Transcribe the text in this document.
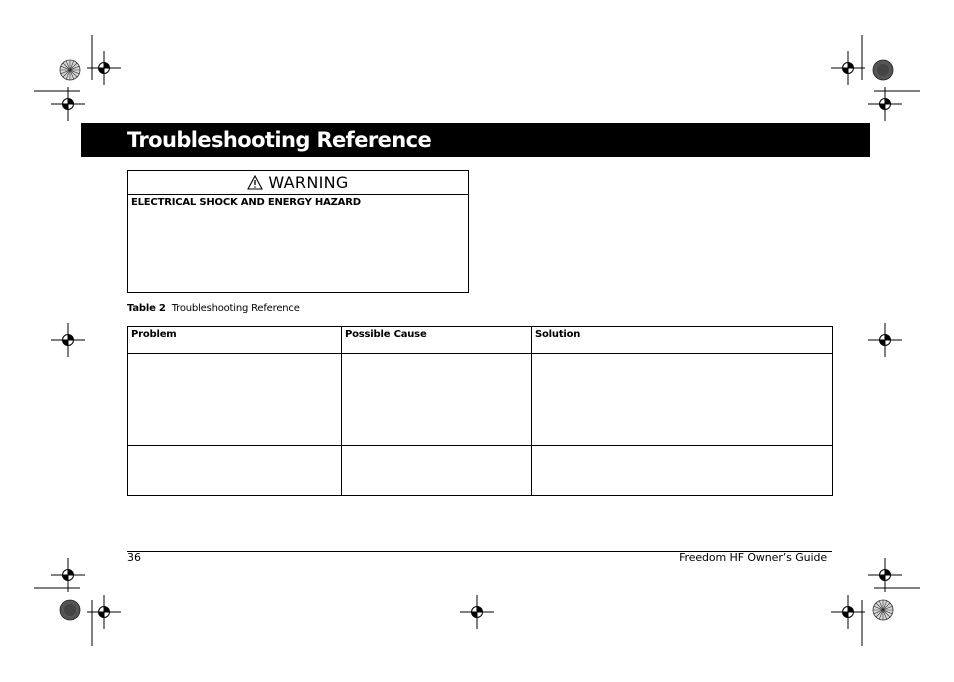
Troubleshooting Reference
WARNING
ELECTRICAL SHOCK AND ENERGY HAZARD
Table 2 Troubleshooting Reference
Problem	Possible Cause	Solution

36	Freedom HF Owner’s Guide
